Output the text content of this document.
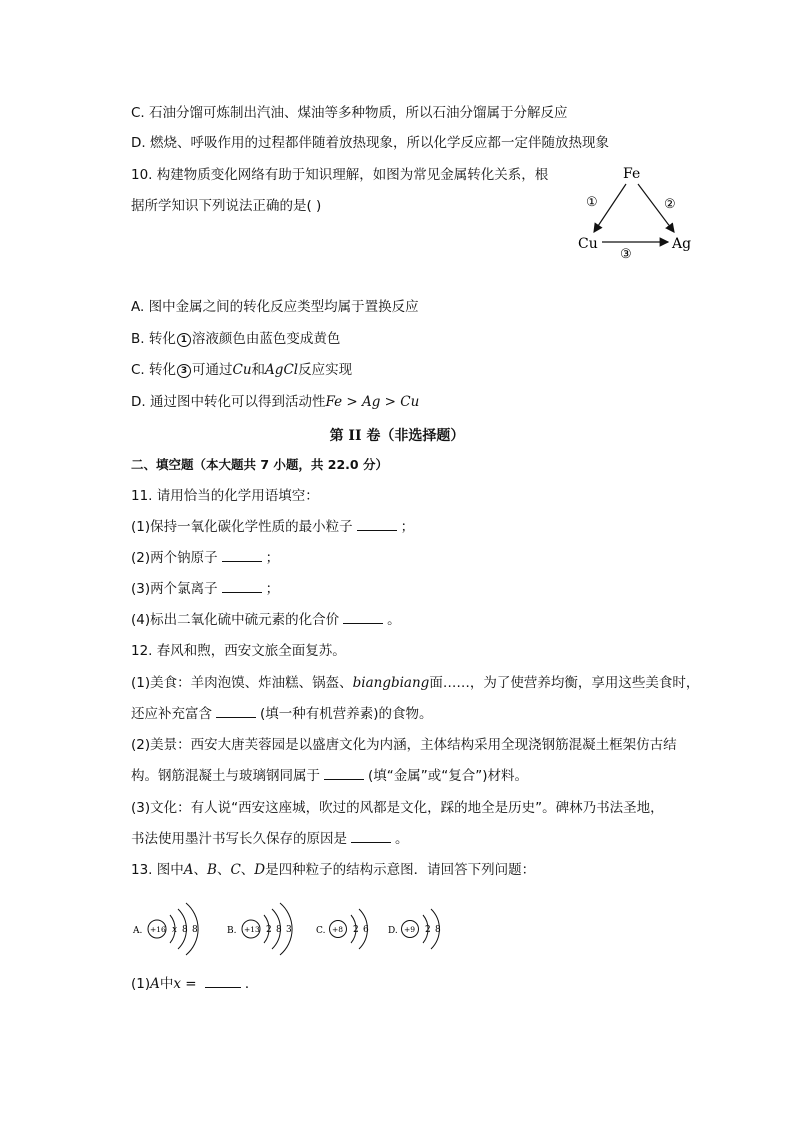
C. 石油分馏可炼制出汽油、煤油等多种物质，所以石油分馏属于分解反应
D. 燃烧、呼吸作用的过程都伴随着放热现象，所以化学反应都一定伴随放热现象
10. 构建物质变化网络有助于知识理解，如图为常见金属转化关系，根
据所学知识下列说法正确的是( )
Fe
Cu	Ag
①	②
③
A. 图中金属之间的转化反应类型均属于置换反应
B. 转化 1 溶液颜色由蓝色变成黄色
C. 转化 3 可通过Cu和AgCl反应实现
D. 通过图中转化可以得到活动性Fe > Ag > Cu
第 II 卷（非选择题）
二、填空题（本大题共 7 小题，共 22.0 分）
11. 请用恰当的化学用语填空：
(1)保持一氧化碳化学性质的最小粒子	；
(2)两个钠原子	；
(3)两个氯离子	；
(4)标出二氧化硫中硫元素的化合价	。
12. 春风和煦，西安文旅全面复苏。
(1)美食：羊肉泡馍、炸油糕、锅盔、biangbiang面……，为了使营养均衡，享用这些美食时，
还应补充富含	(填一种有机营养素)的食物。
(2)美景：西安大唐芙蓉园是以盛唐文化为内涵，主体结构采用全现浇钢筋混凝土框架仿古结
构。钢筋混凝土与玻璃钢同属于	(填“金属”或“复合”)材料。
(3)文化：有人说“西安这座城，吹过的风都是文化，踩的地全是历史”。碑林乃书法圣地，
书法使用墨汁书写长久保存的原因是	。
13. 图中A、B、C、D是四种粒子的结构示意图．请回答下列问题：
A. +16 x 8 8	B. +13 2 8 3	C. +8 2 6 D. +9 2 8
(1)A中x =	．
